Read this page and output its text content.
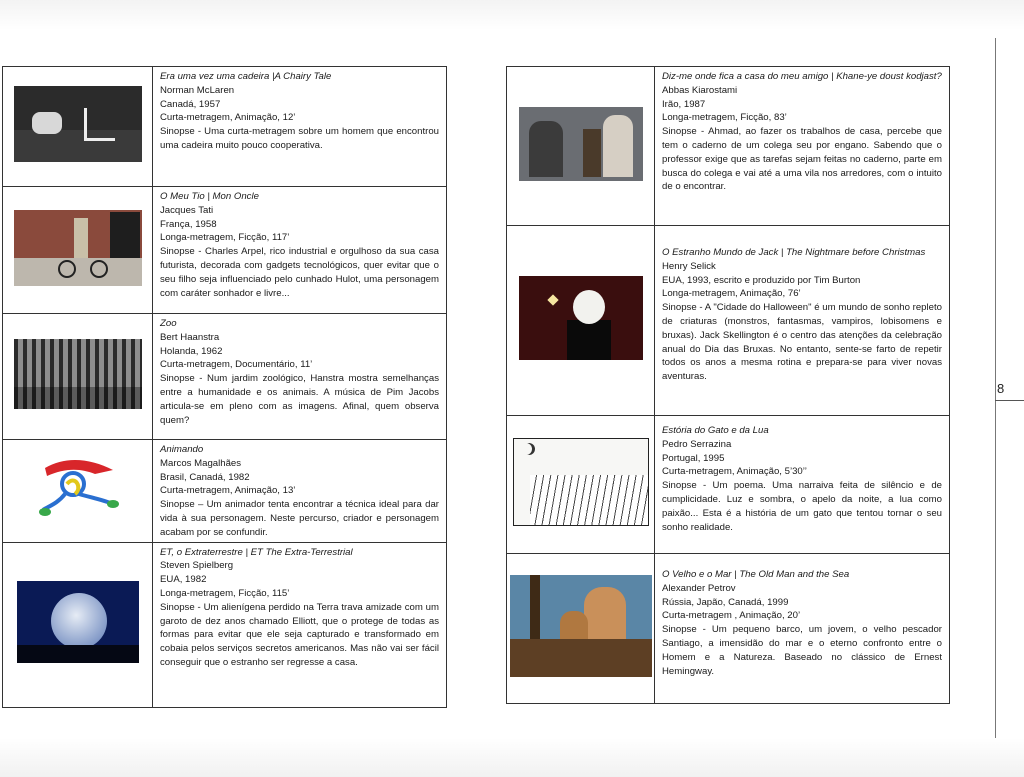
	Era uma vez uma cadeira |A Chairy Tale
Norman McLaren
Canadá, 1957
Curta-metragem, Animação, 12’
Sinopse - Uma curta-metragem sobre um homem que encontrou uma cadeira muito pouco cooperativa.

	O Meu Tio | Mon Oncle
Jacques Tati
França, 1958
Longa-metragem, Ficção, 117’
Sinopse - Charles Arpel, rico industrial e orgulhoso da sua casa futurista, decorada com gadgets tecnológicos, quer evitar que o seu filho seja influenciado pelo cunhado Hulot, uma personagem com caráter sonhador e livre...

	Zoo
Bert Haanstra
Holanda, 1962
Curta-metragem, Documentário, 11’
Sinopse - Num jardim zoológico, Hanstra mostra semelhanças entre a humanidade e os animais. A música de Pim Jacobs articula-se em pleno com as imagens. Afinal, quem observa quem?

Animando
Marcos Magalhães
Brasil, Canadá, 1982
Curta-metragem, Animação, 13’
Sinopse – Um animador tenta encontrar a técnica ideal para dar vida à sua personagem. Neste percurso, criador e personagem acabam por se confundir.

	ET, o Extraterrestre | ET The Extra-Terrestrial
Steven Spielberg
EUA, 1982
Longa-metragem, Ficção, 115’
Sinopse - Um alienígena perdido na Terra trava amizade com um garoto de dez anos chamado Elliott, que o protege de todas as formas para evitar que ele seja capturado e transformado em cobaia pelos serviços secretos americanos. Mas não vai ser fácil conseguir que o estranho ser regresse a casa.

	Diz-me onde fica a casa do meu amigo | Khane-ye doust kodjast?
Abbas Kiarostami
Irão, 1987
Longa-metragem, Ficção, 83’
Sinopse - Ahmad, ao fazer os trabalhos de casa, percebe que tem o caderno de um colega seu por engano. Sabendo que o professor exige que as tarefas sejam feitas no caderno, parte em busca do colega e vai até a uma vila nos arredores, com o intuito de o encontrar.

	O Estranho Mundo de Jack | The Nightmare before Christmas
Henry Selick
EUA, 1993, escrito e produzido por Tim Burton
Longa-metragem, Animação, 76’
Sinopse - A "Cidade do Halloween" é um mundo de sonho repleto de criaturas (monstros, fantasmas, vampiros, lobisomens e bruxas). Jack Skellington é o centro das atenções da celebração anual do Dia das Bruxas. No entanto, sente-se farto de repetir todos os anos a mesma rotina e prepara-se para viver novas aventuras.

	Estória do Gato e da Lua
Pedro Serrazina
Portugal, 1995
Curta-metragem, Animação, 5’30’’
Sinopse - Um poema. Uma narraiva feita de silêncio e de cumplicidade. Luz e sombra, o apelo da noite, a lua como paixão... Esta é a história de um gato que tentou tornar o seu sonho realidade.

	O Velho e o Mar | The Old Man and the Sea
Alexander Petrov
Rússia, Japão, Canadá, 1999
Curta-metragem , Animação, 20’
Sinopse - Um pequeno barco, um jovem, o velho pescador Santiago, a imensidão do mar e o eterno confronto entre o Homem e a Natureza. Baseado no clássico de Ernest Hemingway.
8
